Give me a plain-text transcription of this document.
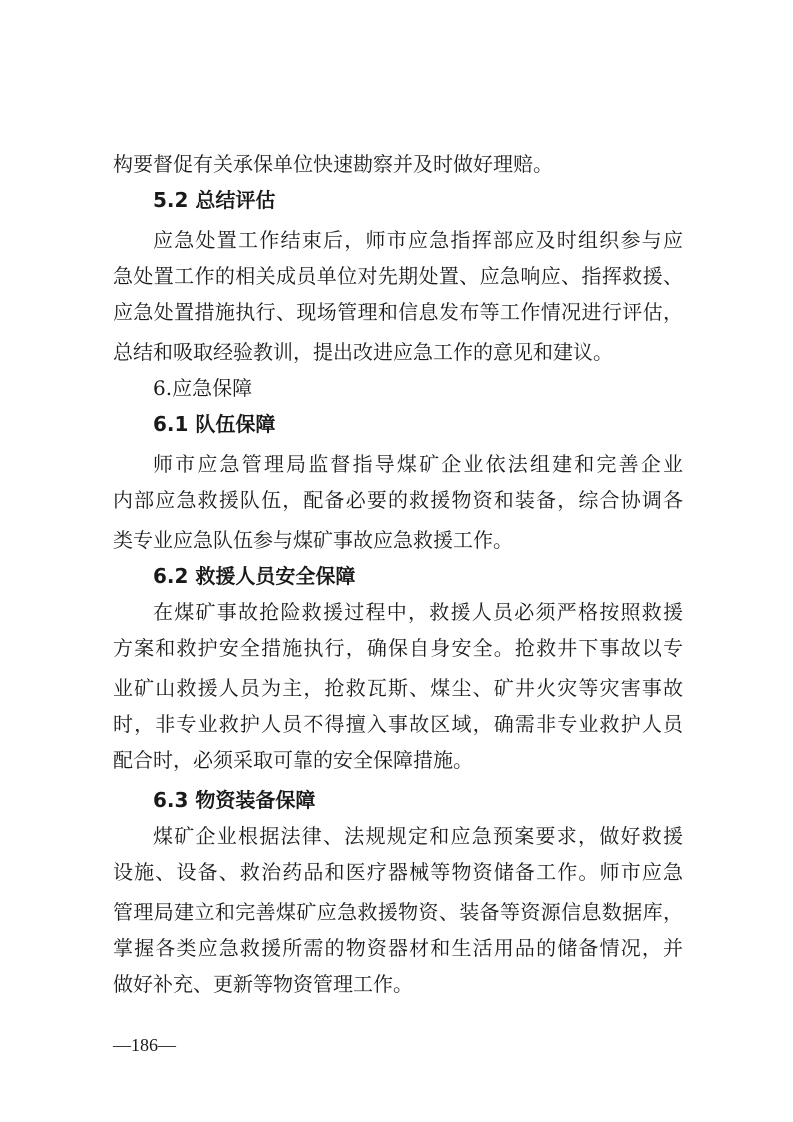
构要督促有关承保单位快速勘察并及时做好理赔。
5.2 总结评估
应急处置工作结束后，师市应急指挥部应及时组织参与应
急处置工作的相关成员单位对先期处置、应急响应、指挥救援、
应急处置措施执行、现场管理和信息发布等工作情况进行评估，
总结和吸取经验教训，提出改进应急工作的意见和建议。
6.应急保障
6.1 队伍保障
师市应急管理局监督指导煤矿企业依法组建和完善企业
内部应急救援队伍，配备必要的救援物资和装备，综合协调各
类专业应急队伍参与煤矿事故应急救援工作。
6.2 救援人员安全保障
在煤矿事故抢险救援过程中，救援人员必须严格按照救援
方案和救护安全措施执行，确保自身安全。抢救井下事故以专
业矿山救援人员为主，抢救瓦斯、煤尘、矿井火灾等灾害事故
时，非专业救护人员不得擅入事故区域，确需非专业救护人员
配合时，必须采取可靠的安全保障措施。
6.3 物资装备保障
煤矿企业根据法律、法规规定和应急预案要求，做好救援
设施、设备、救治药品和医疗器械等物资储备工作。师市应急
管理局建立和完善煤矿应急救援物资、装备等资源信息数据库，
掌握各类应急救援所需的物资器材和生活用品的储备情况，并
做好补充、更新等物资管理工作。
—186—
